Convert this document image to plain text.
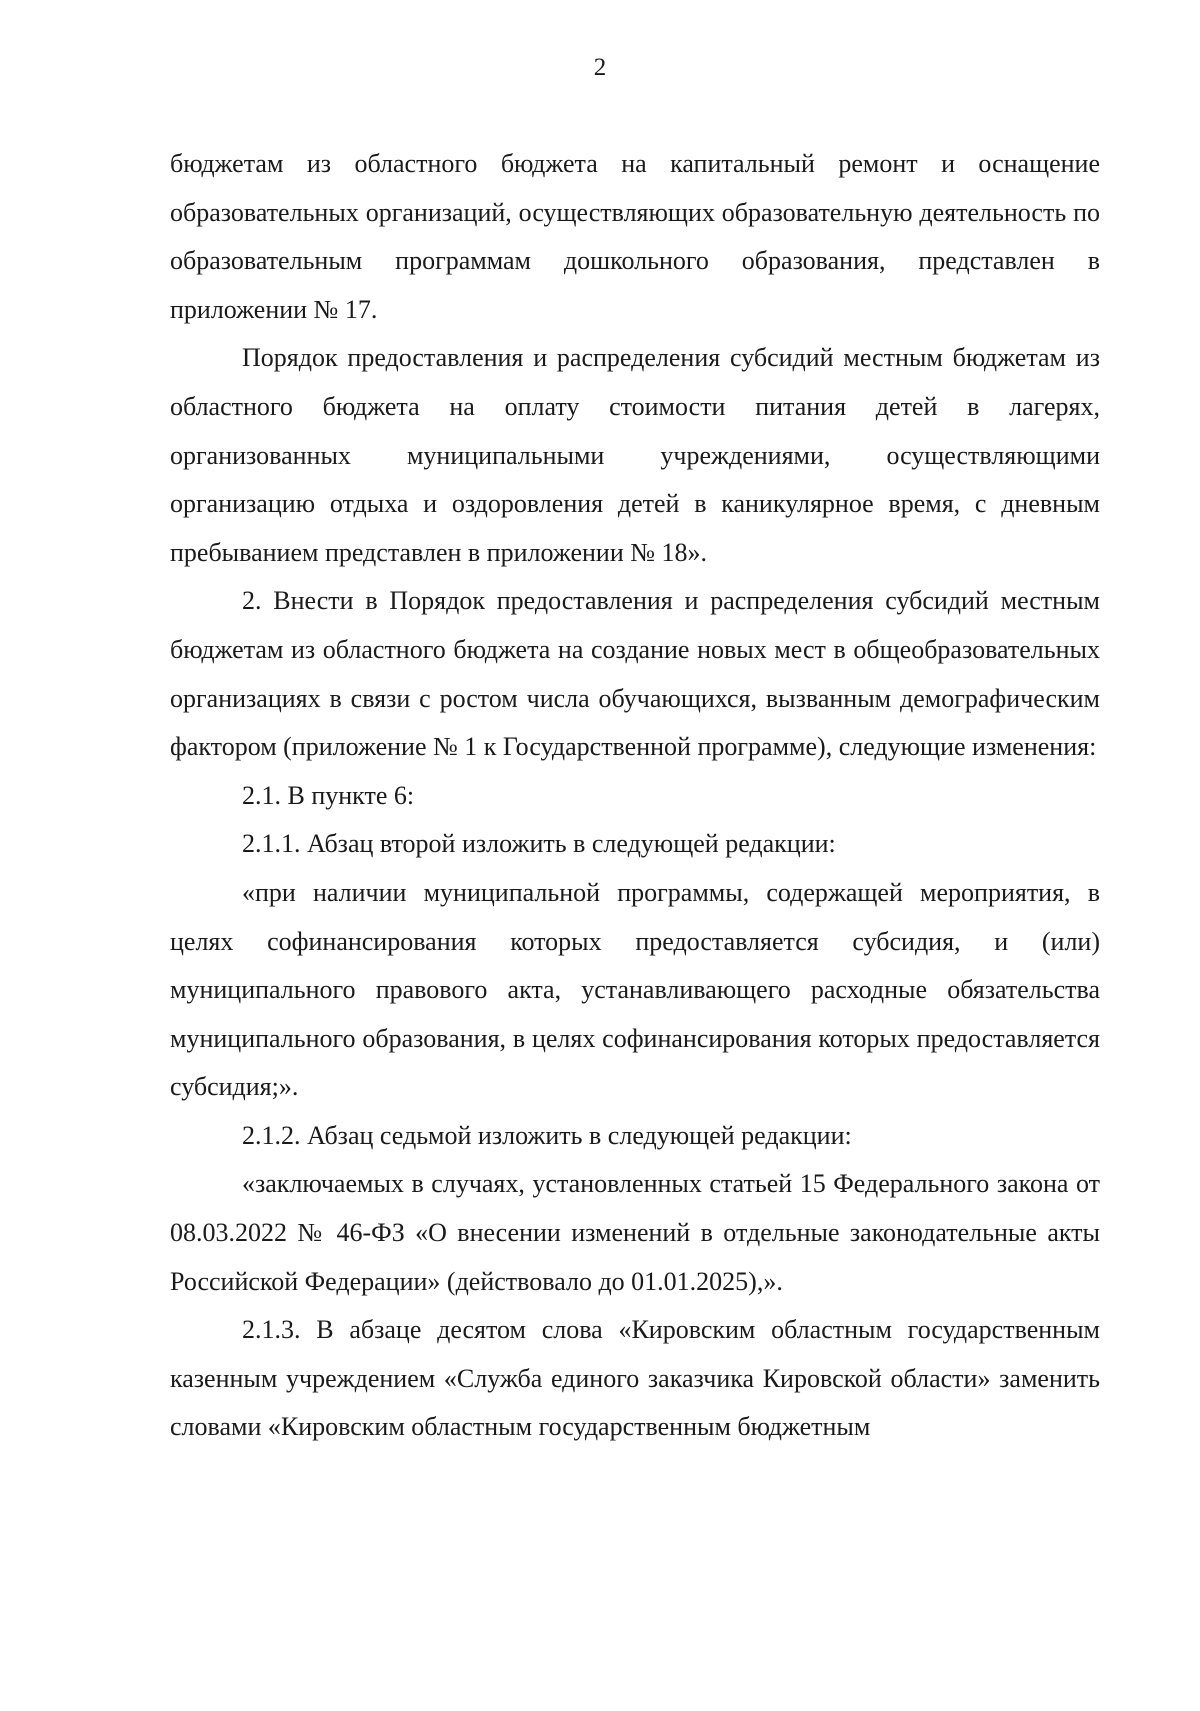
2

бюджетам из областного бюджета на капитальный ремонт и оснащение образовательных организаций, осуществляющих образовательную деятельность по образовательным программам дошкольного образования, представлен в приложении № 17.

Порядок предоставления и распределения субсидий местным бюджетам из областного бюджета на оплату стоимости питания детей в лагерях, организованных муниципальными учреждениями, осуществляющими организацию отдыха и оздоровления детей в каникулярное время, с дневным пребыванием представлен в приложении № 18».

2. Внести в Порядок предоставления и распределения субсидий местным бюджетам из областного бюджета на создание новых мест в общеобразовательных организациях в связи с ростом числа обучающихся, вызванным демографическим фактором (приложение № 1 к Государственной программе), следующие изменения:

2.1. В пункте 6:

2.1.1. Абзац второй изложить в следующей редакции:

«при наличии муниципальной программы, содержащей мероприятия, в целях софинансирования которых предоставляется субсидия, и (или) муниципального правового акта, устанавливающего расходные обязательства муниципального образования, в целях софинансирования которых предоставляется субсидия;».

2.1.2. Абзац седьмой изложить в следующей редакции:

«заключаемых в случаях, установленных статьей 15 Федерального закона от 08.03.2022 № 46-ФЗ «О внесении изменений в отдельные законодательные акты Российской Федерации» (действовало до 01.01.2025),».

2.1.3. В абзаце десятом слова «Кировским областным государственным казенным учреждением «Служба единого заказчика Кировской области» заменить словами «Кировским областным государственным бюджетным
